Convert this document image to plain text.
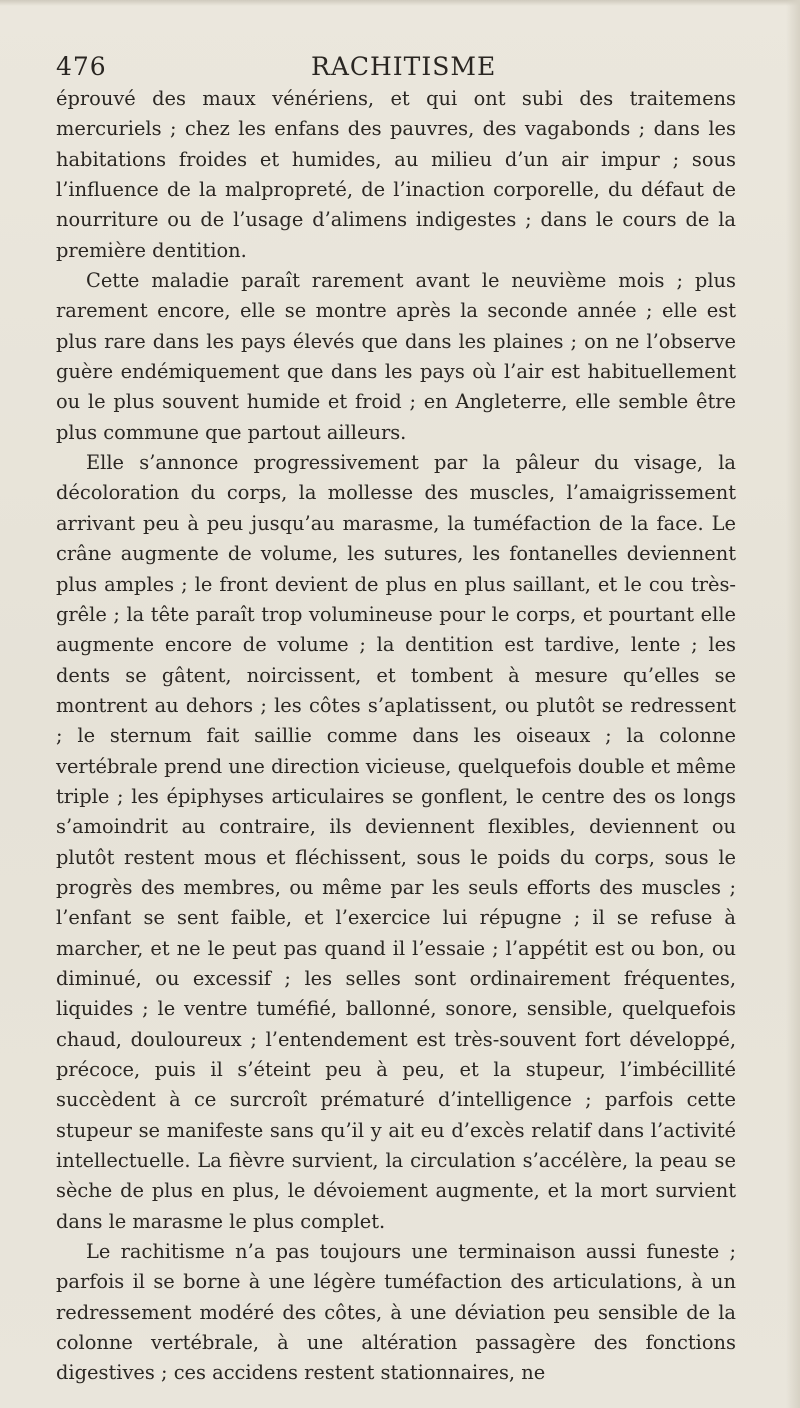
476	RACHITISME

éprouvé des maux vénériens, et qui ont subi des traitemens mercuriels ; chez les enfans des pauvres, des vagabonds ; dans les habitations froides et humides, au milieu d’un air impur ; sous l’influence de la malpropreté, de l’inaction corporelle, du défaut de nourriture ou de l’usage d’alimens indigestes ; dans le cours de la première dentition.

Cette maladie paraît rarement avant le neuvième mois ; plus rarement encore, elle se montre après la seconde année ; elle est plus rare dans les pays élevés que dans les plaines ; on ne l’observe guère endémiquement que dans les pays où l’air est habituellement ou le plus souvent humide et froid ; en Angleterre, elle semble être plus commune que partout ailleurs.

Elle s’annonce progressivement par la pâleur du visage, la décoloration du corps, la mollesse des muscles, l’amaigrissement arrivant peu à peu jusqu’au marasme, la tuméfaction de la face. Le crâne augmente de volume, les sutures, les fontanelles deviennent plus amples ; le front devient de plus en plus saillant, et le cou très-grêle ; la tête paraît trop volumineuse pour le corps, et pourtant elle augmente encore de volume ; la dentition est tardive, lente ; les dents se gâtent, noircissent, et tombent à mesure qu’elles se montrent au dehors ; les côtes s’aplatissent, ou plutôt se redressent ; le sternum fait saillie comme dans les oiseaux ; la colonne vertébrale prend une direction vicieuse, quelquefois double et même triple ; les épiphyses articulaires se gonflent, le centre des os longs s’amoindrit au contraire, ils deviennent flexibles, deviennent ou plutôt restent mous et fléchissent, sous le poids du corps, sous le progrès des membres, ou même par les seuls efforts des muscles ; l’enfant se sent faible, et l’exercice lui répugne ; il se refuse à marcher, et ne le peut pas quand il l’essaie ; l’appétit est ou bon, ou diminué, ou excessif ; les selles sont ordinairement fréquentes, liquides ; le ventre tuméfié, ballonné, sonore, sensible, quelquefois chaud, douloureux ; l’entendement est très-souvent fort développé, précoce, puis il s’éteint peu à peu, et la stupeur, l’imbécillité succèdent à ce surcroît prématuré d’intelligence ; parfois cette stupeur se manifeste sans qu’il y ait eu d’excès relatif dans l’activité intellectuelle. La fièvre survient, la circulation s’accélère, la peau se sèche de plus en plus, le dévoiement augmente, et la mort survient dans le marasme le plus complet.

Le rachitisme n’a pas toujours une terminaison aussi funeste ; parfois il se borne à une légère tuméfaction des articulations, à un redressement modéré des côtes, à une déviation peu sensible de la colonne vertébrale, à une altération passagère des fonctions digestives ; ces accidens restent stationnaires, ne
